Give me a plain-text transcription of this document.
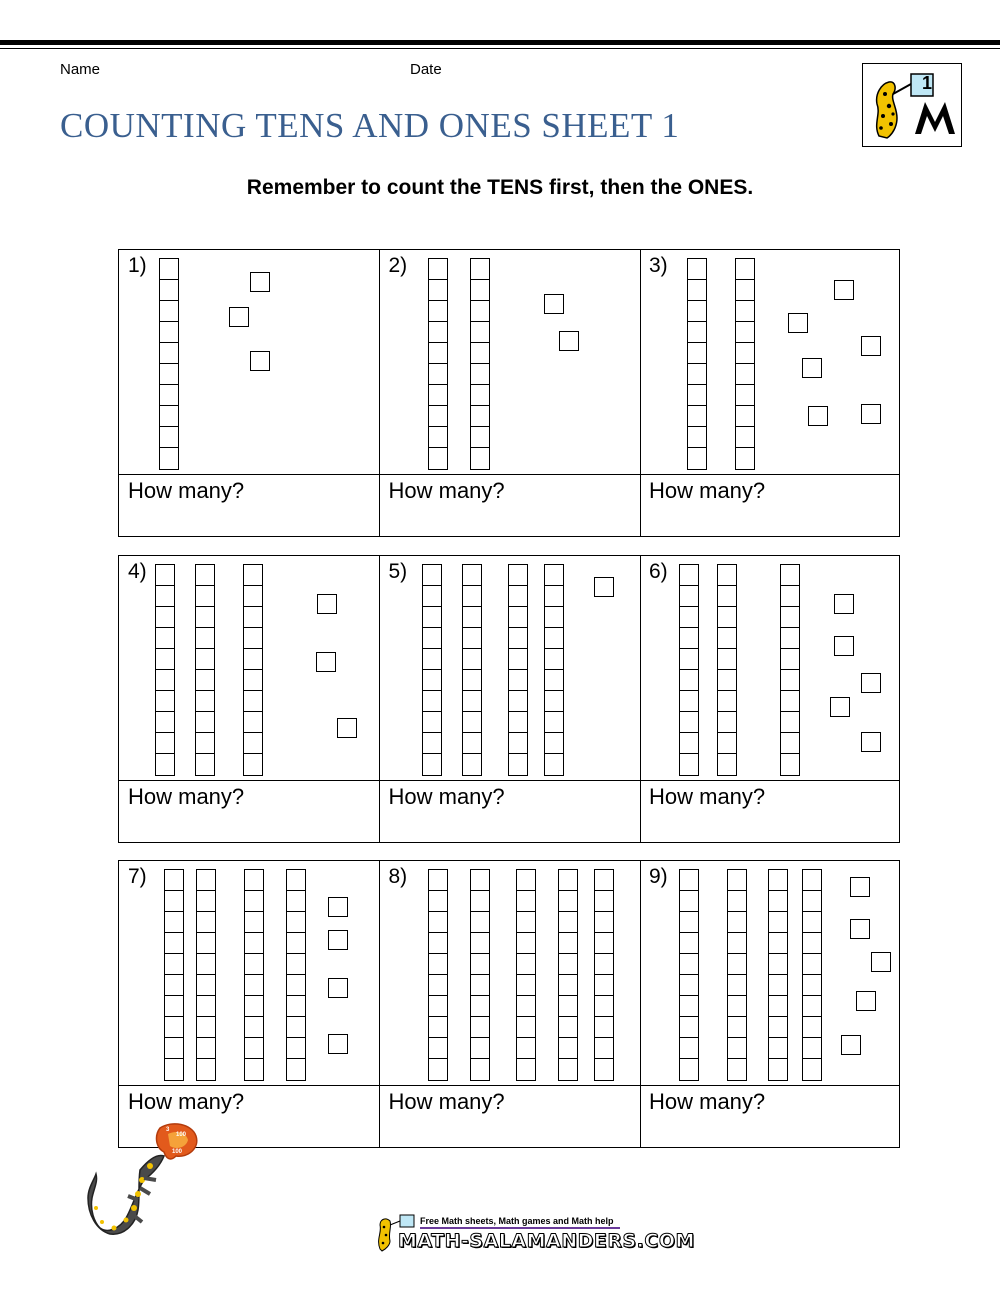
Name	Date
COUNTING TENS AND ONES SHEET 1
1
Remember to count the TENS first, then the ONES.
1)
How many?
2)
How many?
3)
How many?
4)
How many?
5)
How many?
6)
How many?
7)
How many?
8)
How many?
9)
How many?
3
100
100
Free Math sheets, Math games and Math help
MATH-SALAMANDERS.COM
